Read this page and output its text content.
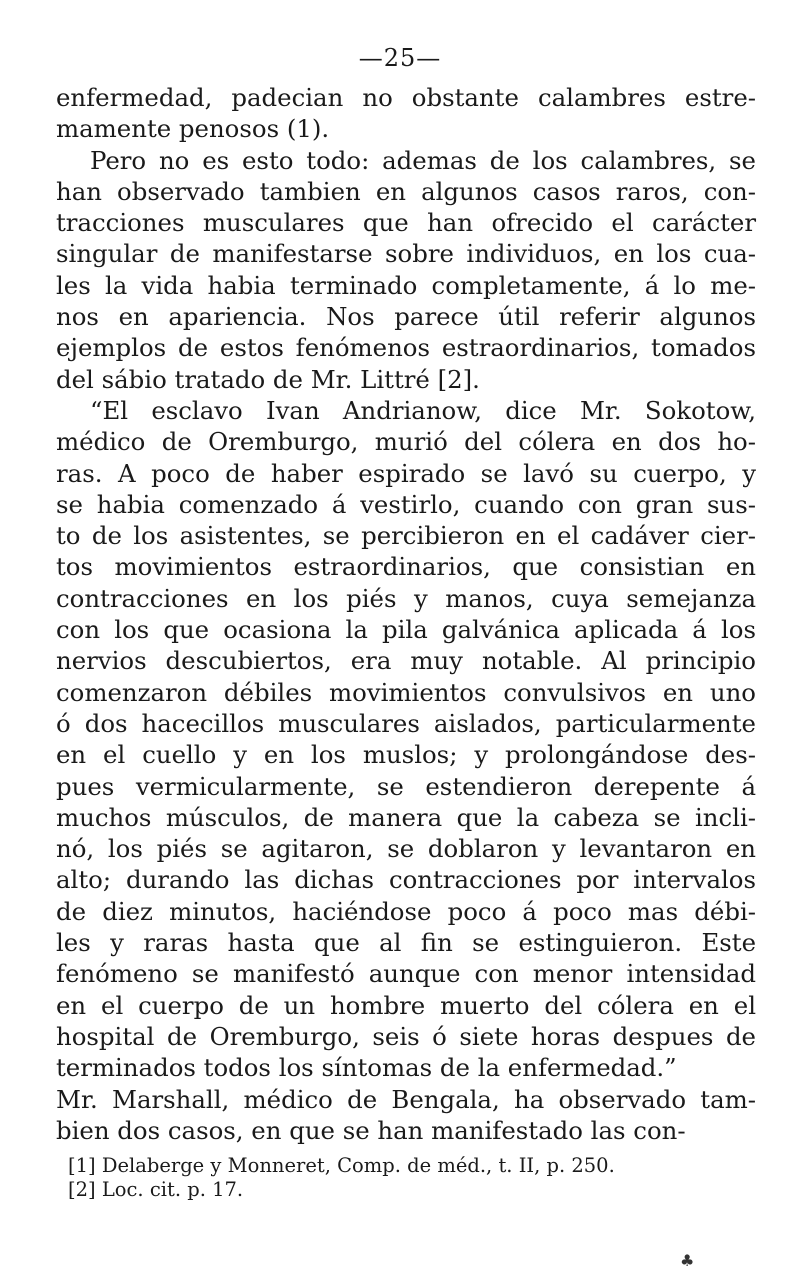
—25—
enfermedad, padecian no obstante calambres estre-
mamente penosos (1).
Pero no es esto todo: ademas de los calambres, se
han observado tambien en algunos casos raros, con-
tracciones musculares que han ofrecido el carácter
singular de manifestarse sobre individuos, en los cua-
les la vida habia terminado completamente, á lo me-
nos en apariencia. Nos parece útil referir algunos
ejemplos de estos fenómenos estraordinarios, tomados
del sábio tratado de Mr. Littré [2].
“El esclavo Ivan Andrianow, dice Mr. Sokotow,
médico de Oremburgo, murió del cólera en dos ho-
ras. A poco de haber espirado se lavó su cuerpo, y
se habia comenzado á vestirlo, cuando con gran sus-
to de los asistentes, se percibieron en el cadáver cier-
tos movimientos estraordinarios, que consistian en
contracciones en los piés y manos, cuya semejanza
con los que ocasiona la pila galvánica aplicada á los
nervios descubiertos, era muy notable. Al principio
comenzaron débiles movimientos convulsivos en uno
ó dos hacecillos musculares aislados, particularmente
en el cuello y en los muslos; y prolongándose des-
pues vermicularmente, se estendieron derepente á
muchos músculos, de manera que la cabeza se incli-
nó, los piés se agitaron, se doblaron y levantaron en
alto; durando las dichas contracciones por intervalos
de diez minutos, haciéndose poco á poco mas débi-
les y raras hasta que al fin se estinguieron. Este
fenómeno se manifestó aunque con menor intensidad
en el cuerpo de un hombre muerto del cólera en el
hospital de Oremburgo, seis ó siete horas despues de
terminados todos los síntomas de la enfermedad.”
Mr. Marshall, médico de Bengala, ha observado tam-
bien dos casos, en que se han manifestado las con-
[1] Delaberge y Monneret, Comp. de méd., t. II, p. 250.
[2] Loc. cit. p. 17.
♣
